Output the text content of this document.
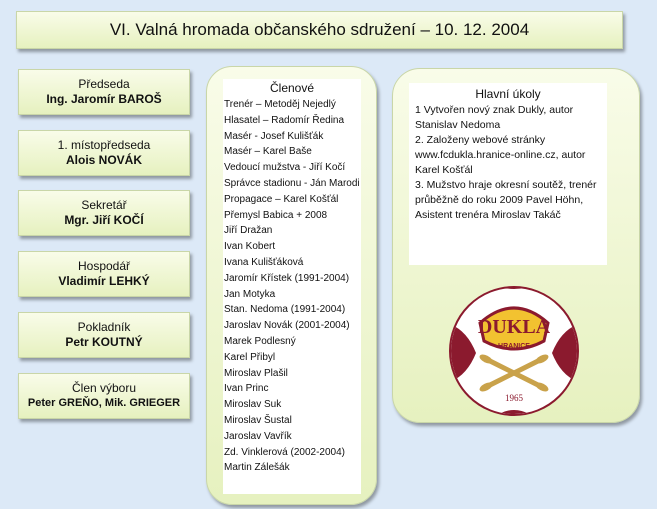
VI. Valná hromada občanského sdružení – 10. 12. 2004
Předseda
Ing. Jaromír BAROŠ
1. místopředseda
Alois NOVÁK
Sekretář
Mgr. Jiří KOČÍ
Hospodář
Vladimír LEHKÝ
Pokladník
Petr KOUTNÝ
Člen výboru
Peter GREŇO, Mik. GRIEGER
Členové
Trenér – Metoděj Nejedlý
Hlasatel – Radomír Ředina
Masér - Josef Kulišťák
Masér – Karel Baše
Vedoucí mužstva - Jiří Kočí
Správce stadionu - Ján Marodi
Propagace – Karel Košťál
Přemysl Babica + 2008
Jiří Dražan
Ivan Kobert
Ivana Kulišťáková
Jaromír Křístek (1991-2004)
Jan Motyka
Stan. Nedoma (1991-2004)
Jaroslav Novák (2001-2004)
Marek Podlesný
Karel Přibyl
Miroslav Plašil
Ivan Princ
Miroslav Suk
Miroslav Šustal
Jaroslav Vavřík
Zd. Vinklerová (2002-2004)
Martin Zálešák
Hlavní úkoly
1 Vytvořen nový znak Dukly, autor Stanislav Nedoma
2. Založeny webové stránky www.fcdukla.hranice-online.cz, autor Karel Košťál
3. Mužstvo hraje okresní soutěž, trenér průběžně do roku 2009 Pavel Höhn, Asistent trenéra Miroslav Takáč
DUKLA
HRANICE
1965
